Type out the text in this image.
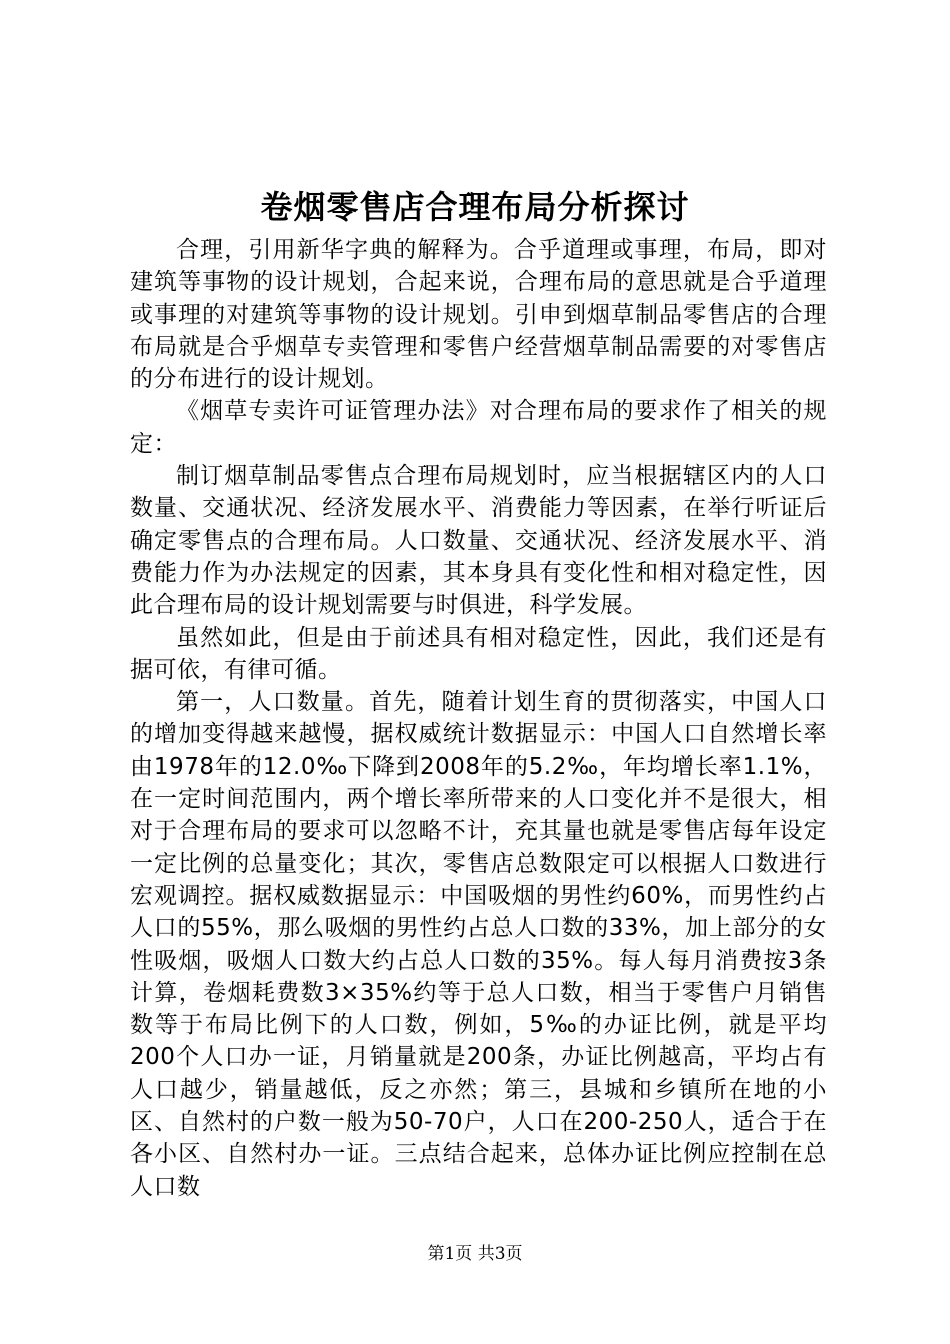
卷烟零售店合理布局分析探讨

合理，引用新华字典的解释为。合乎道理或事理，布局，即对建筑等事物的设计规划，合起来说，合理布局的意思就是合乎道理或事理的对建筑等事物的设计规划。引申到烟草制品零售店的合理布局就是合乎烟草专卖管理和零售户经营烟草制品需要的对零售店的分布进行的设计规划。

《烟草专卖许可证管理办法》对合理布局的要求作了相关的规定：

制订烟草制品零售点合理布局规划时，应当根据辖区内的人口数量、交通状况、经济发展水平、消费能力等因素，在举行听证后确定零售点的合理布局。人口数量、交通状况、经济发展水平、消费能力作为办法规定的因素，其本身具有变化性和相对稳定性，因此合理布局的设计规划需要与时俱进，科学发展。

虽然如此，但是由于前述具有相对稳定性，因此，我们还是有据可依，有律可循。

第一，人口数量。首先，随着计划生育的贯彻落实，中国人口的增加变得越来越慢，据权威统计数据显示：中国人口自然增长率由1978年的12.0‰下降到2008年的5.2‰，年均增长率1.1%，在一定时间范围内，两个增长率所带来的人口变化并不是很大，相对于合理布局的要求可以忽略不计，充其量也就是零售店每年设定一定比例的总量变化；其次，零售店总数限定可以根据人口数进行宏观调控。据权威数据显示：中国吸烟的男性约60%，而男性约占人口的55%，那么吸烟的男性约占总人口数的33%，加上部分的女性吸烟，吸烟人口数大约占总人口数的35%。每人每月消费按3条计算，卷烟耗费数3×35%约等于总人口数，相当于零售户月销售数等于布局比例下的人口数，例如，5‰的办证比例，就是平均200个人口办一证，月销量就是200条，办证比例越高，平均占有人口越少，销量越低，反之亦然；第三，县城和乡镇所在地的小区、自然村的户数一般为50-70户，人口在200-250人，适合于在各小区、自然村办一证。三点结合起来，总体办证比例应控制在总人口数

第1页 共3页
